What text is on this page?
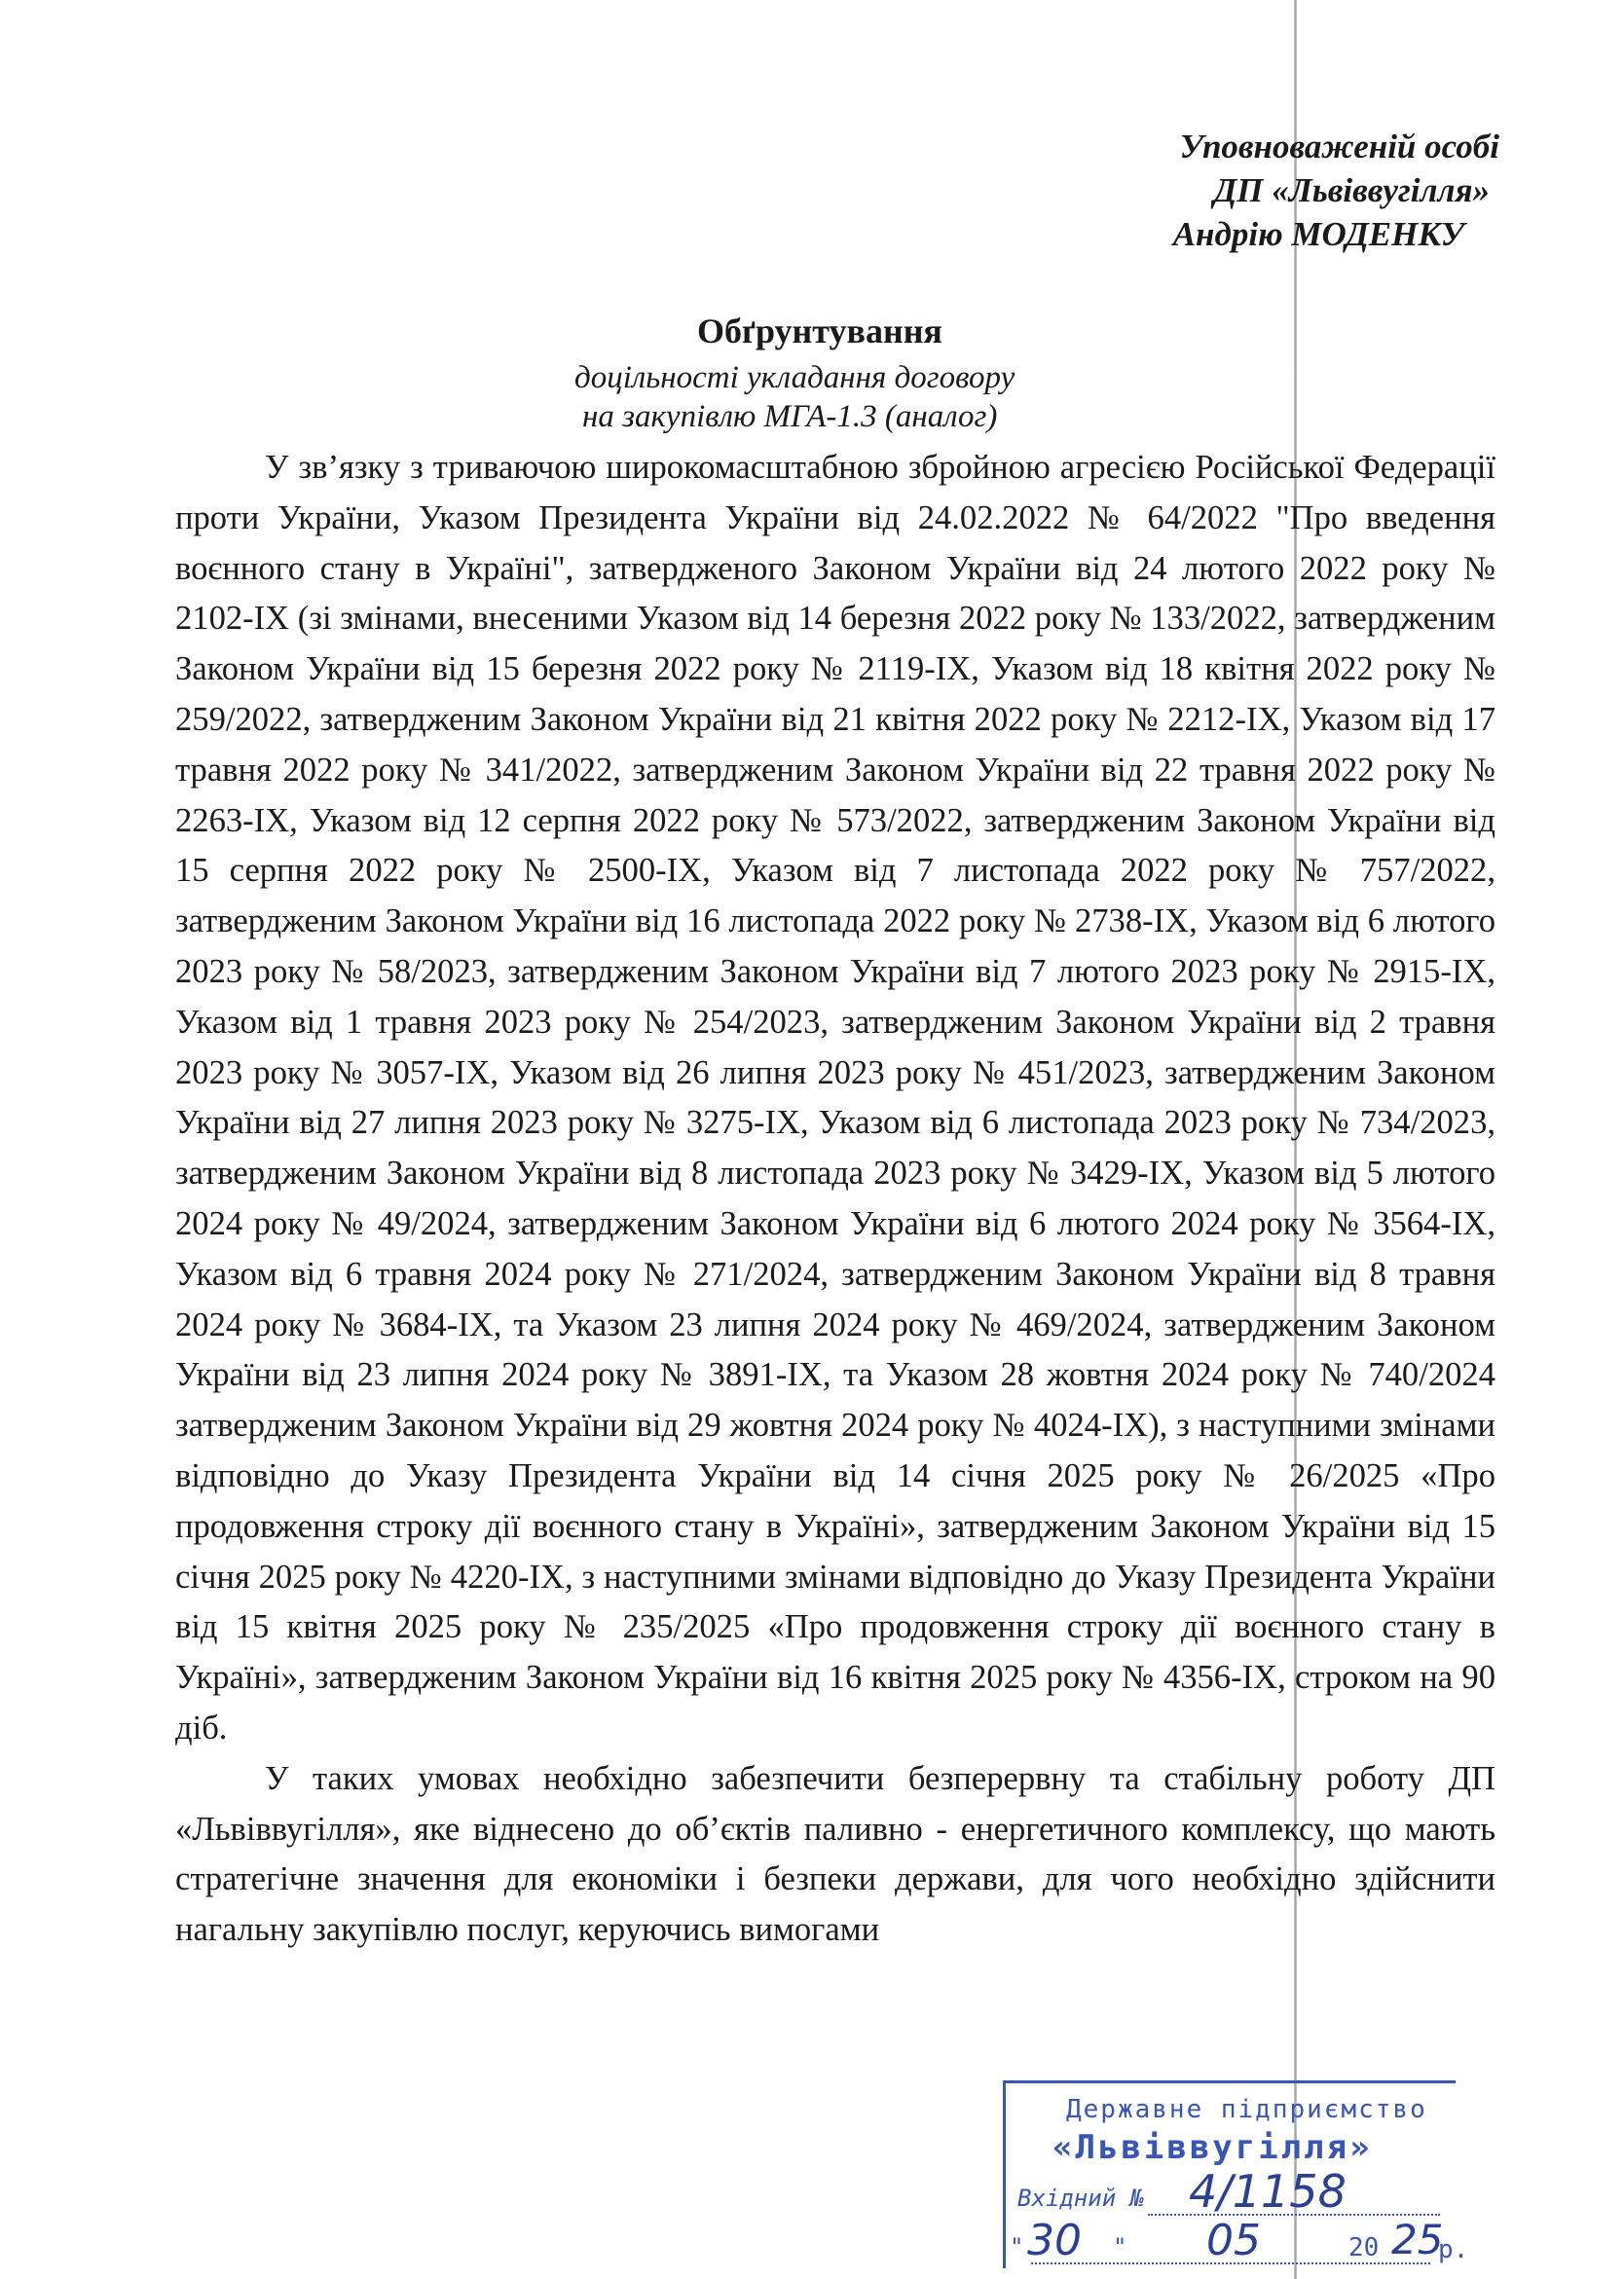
Уповноваженій особі
ДП «Львіввугілля»
Андрію МОДЕНКУ
Обґрунтування
доцільності укладання договору
на закупівлю МГА-1.3 (аналог)

У зв’язку з триваючою широкомасштабною збройною агресією Російської Федерації проти України, Указом Президента України від 24.02.2022 № 64/2022 "Про введення воєнного стану в Україні", затвердженого Законом України від 24 лютого 2022 року № 2102-IX (зі змінами, внесеними Указом від 14 березня 2022 року № 133/2022, затвердженим Законом України від 15 березня 2022 року № 2119-IX, Указом від 18 квітня 2022 року № 259/2022, затвердженим Законом України від 21 квітня 2022 року № 2212-IX, Указом від 17 травня 2022 року № 341/2022, затвердженим Законом України від 22 травня 2022 року № 2263-IX, Указом від 12 серпня 2022 року № 573/2022, затвердженим Законом України від 15 серпня 2022 року № 2500-IX, Указом від 7 листопада 2022 року № 757/2022, затвердженим Законом України від 16 листопада 2022 року № 2738-IX, Указом від 6 лютого 2023 року № 58/2023, затвердженим Законом України від 7 лютого 2023 року № 2915-IX, Указом від 1 травня 2023 року № 254/2023, затвердженим Законом України від 2 травня 2023 року № 3057-IX, Указом від 26 липня 2023 року № 451/2023, затвердженим Законом України від 27 липня 2023 року № 3275-IX, Указом від 6 листопада 2023 року № 734/2023, затвердженим Законом України від 8 листопада 2023 року № 3429-IX, Указом від 5 лютого 2024 року № 49/2024, затвердженим Законом України від 6 лютого 2024 року № 3564-IX, Указом від 6 травня 2024 року № 271/2024, затвердженим Законом України від 8 травня 2024 року № 3684-IX, та Указом 23 липня 2024 року № 469/2024, затвердженим Законом України від 23 липня 2024 року № 3891-IX, та Указом 28 жовтня 2024 року № 740/2024 затвердженим Законом України від 29 жовтня 2024 року № 4024-IX), з наступними змінами відповідно до Указу Президента України від 14 січня 2025 року № 26/2025 «Про продовження строку дії воєнного стану в Україні», затвердженим Законом України від 15 січня 2025 року № 4220-IX, з наступними змінами відповідно до Указу Президента України від 15 квітня 2025 року № 235/2025 «Про продовження строку дії воєнного стану в Україні», затвердженим Законом України від 16 квітня 2025 року № 4356-IX, строком на 90 діб.

У таких умовах необхідно забезпечити безперервну та стабільну роботу ДП «Львіввугілля», яке віднесено до об’єктів паливно - енергетичного комплексу, що мають стратегічне значення для економіки і безпеки держави, для чого необхідно здійснити нагальну закупівлю послуг, керуючись вимогами

Державне підприємство
«Львіввугілля»
Вхідний № 4/1158
" 30 " 05	20 25
р.
